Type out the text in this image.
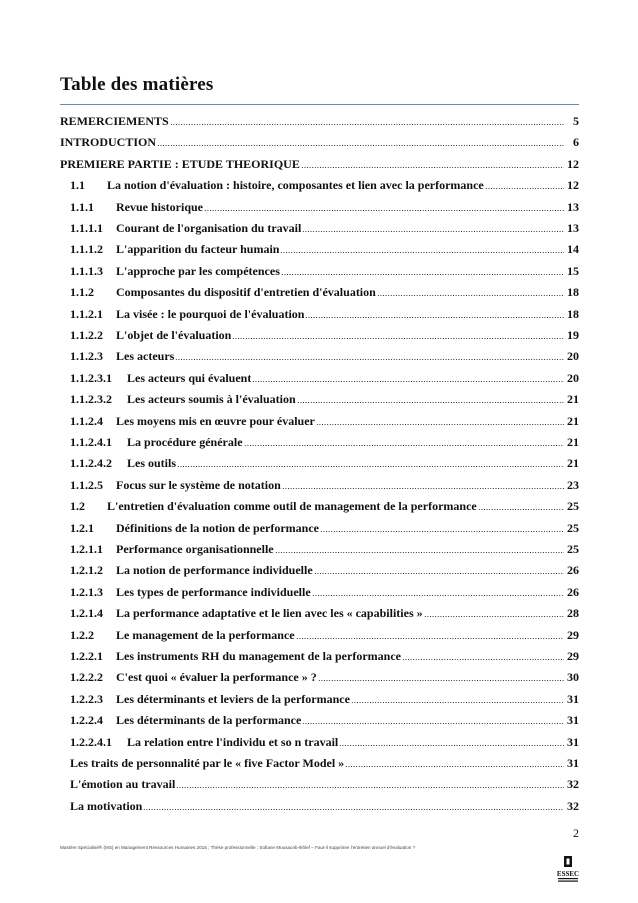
Table des matières
REMERCIEMENTS	5
INTRODUCTION	6
PREMIERE PARTIE : ETUDE THEORIQUE	12
1.1	La notion d'évaluation : histoire, composantes et lien avec la performance	12
1.1.1	Revue historique	13
1.1.1.1	Courant de l'organisation du travail	13
1.1.1.2	L'apparition du facteur humain	14
1.1.1.3	L'approche par les compétences	15
1.1.2	Composantes du dispositif d'entretien d'évaluation	18
1.1.2.1	La visée : le pourquoi de l'évaluation	18
1.1.2.2	L'objet de l'évaluation	19
1.1.2.3	Les acteurs	20
1.1.2.3.1	Les acteurs qui évaluent	20
1.1.2.3.2	Les acteurs soumis à l'évaluation	21
1.1.2.4	Les moyens mis en œuvre pour évaluer	21
1.1.2.4.1	La procédure générale	21
1.1.2.4.2	Les outils	21
1.1.2.5	Focus sur le système de notation	23
1.2	L'entretien d'évaluation comme outil de management de la performance	25
1.2.1	Définitions de la notion de performance	25
1.2.1.1	Performance organisationnelle	25
1.2.1.2	La notion de performance individuelle	26
1.2.1.3	Les types de performance individuelle	26
1.2.1.4	La performance adaptative et le lien avec les « capabilities »	28
1.2.2	Le management de la performance	29
1.2.2.1	Les instruments RH du management de la performance	29
1.2.2.2	C'est quoi « évaluer la performance » ?	30
1.2.2.3	Les déterminants et leviers de la performance	31
1.2.2.4	Les déterminants de la performance	31
1.2.2.4.1	La relation entre l'individu et so n travail	31
Les traits de personnalité par le « five Factor Model »	31
L'émotion au travail	32
La motivation	32
2
Mastère Spécialisé® (MS) en Management Ressources Humaines 2015 ; Thèse professionnelle ; Sofiane Mousaceb-Ikhlef – Faut-il supprimer l'entretien annuel d'évaluation ?
ESSEC
